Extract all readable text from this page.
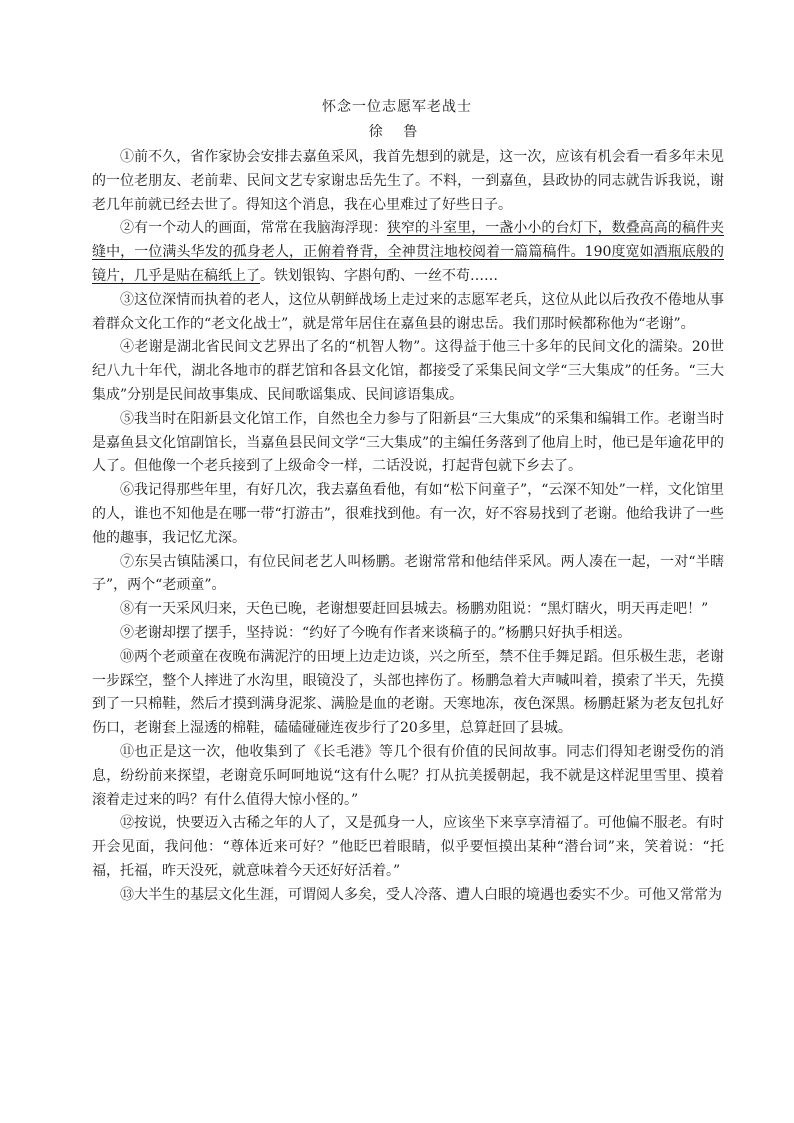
怀念一位志愿军老战士
徐 鲁

①前不久，省作家协会安排去嘉鱼采风，我首先想到的就是，这一次，应该有机会看一看多年未见的一位老朋友、老前辈、民间文艺专家谢忠岳先生了。不料，一到嘉鱼，县政协的同志就告诉我说，谢老几年前就已经去世了。得知这个消息，我在心里难过了好些日子。

②有一个动人的画面，常常在我脑海浮现：狭窄的斗室里，一盏小小的台灯下，数叠高高的稿件夹缝中，一位满头华发的孤身老人，正俯着脊背，全神贯注地校阅着一篇篇稿件。190度宽如酒瓶底般的镜片，几乎是贴在稿纸上了。铁划银钩、字斟句酌、一丝不苟……

③这位深情而执着的老人，这位从朝鲜战场上走过来的志愿军老兵，这位从此以后孜孜不倦地从事着群众文化工作的“老文化战士”，就是常年居住在嘉鱼县的谢忠岳。我们那时候都称他为“老谢”。

④老谢是湖北省民间文艺界出了名的“机智人物”。这得益于他三十多年的民间文化的濡染。20世纪八九十年代，湖北各地市的群艺馆和各县文化馆，都接受了采集民间文学“三大集成”的任务。“三大集成”分别是民间故事集成、民间歌谣集成、民间谚语集成。

⑤我当时在阳新县文化馆工作，自然也全力参与了阳新县“三大集成”的采集和编辑工作。老谢当时是嘉鱼县文化馆副馆长，当嘉鱼县民间文学“三大集成”的主编任务落到了他肩上时，他已是年逾花甲的人了。但他像一个老兵接到了上级命令一样，二话没说，打起背包就下乡去了。

⑥我记得那些年里，有好几次，我去嘉鱼看他，有如“松下问童子”，“云深不知处”一样，文化馆里的人，谁也不知他是在哪一带“打游击”，很难找到他。有一次，好不容易找到了老谢。他给我讲了一些他的趣事，我记忆尤深。

⑦东吴古镇陆溪口，有位民间老艺人叫杨鹏。老谢常常和他结伴采风。两人凑在一起，一对“半瞎子”，两个“老顽童”。

⑧有一天采风归来，天色已晚，老谢想要赶回县城去。杨鹏劝阻说：“黑灯瞎火，明天再走吧！”

⑨老谢却摆了摆手，坚持说：“约好了今晚有作者来谈稿子的。”杨鹏只好执手相送。

⑩两个老顽童在夜晚布满泥泞的田埂上边走边谈，兴之所至，禁不住手舞足蹈。但乐极生悲，老谢一步踩空，整个人摔进了水沟里，眼镜没了，头部也摔伤了。杨鹏急着大声喊叫着，摸索了半天，先摸到了一只棉鞋，然后才摸到满身泥浆、满脸是血的老谢。天寒地冻，夜色深黑。杨鹏赶紧为老友包扎好伤口，老谢套上湿透的棉鞋，磕磕碰碰连夜步行了20多里，总算赶回了县城。

⑪也正是这一次，他收集到了《长毛港》等几个很有价值的民间故事。同志们得知老谢受伤的消息，纷纷前来探望，老谢竟乐呵呵地说“这有什么呢？打从抗美援朝起，我不就是这样泥里雪里、摸着滚着走过来的吗？有什么值得大惊小怪的。”

⑫按说，快要迈入古稀之年的人了，又是孤身一人，应该坐下来享享清福了。可他偏不服老。有时开会见面，我问他：“尊体近来可好？”他眨巴着眼睛，似乎要恒摸出某种“潜台词”来，笑着说：“托福，托福，昨天没死，就意味着今天还好好活着。”

⑬大半生的基层文化生涯，可谓阅人多矣，受人冷落、遭人白眼的境遇也委实不少。可他又常常为
